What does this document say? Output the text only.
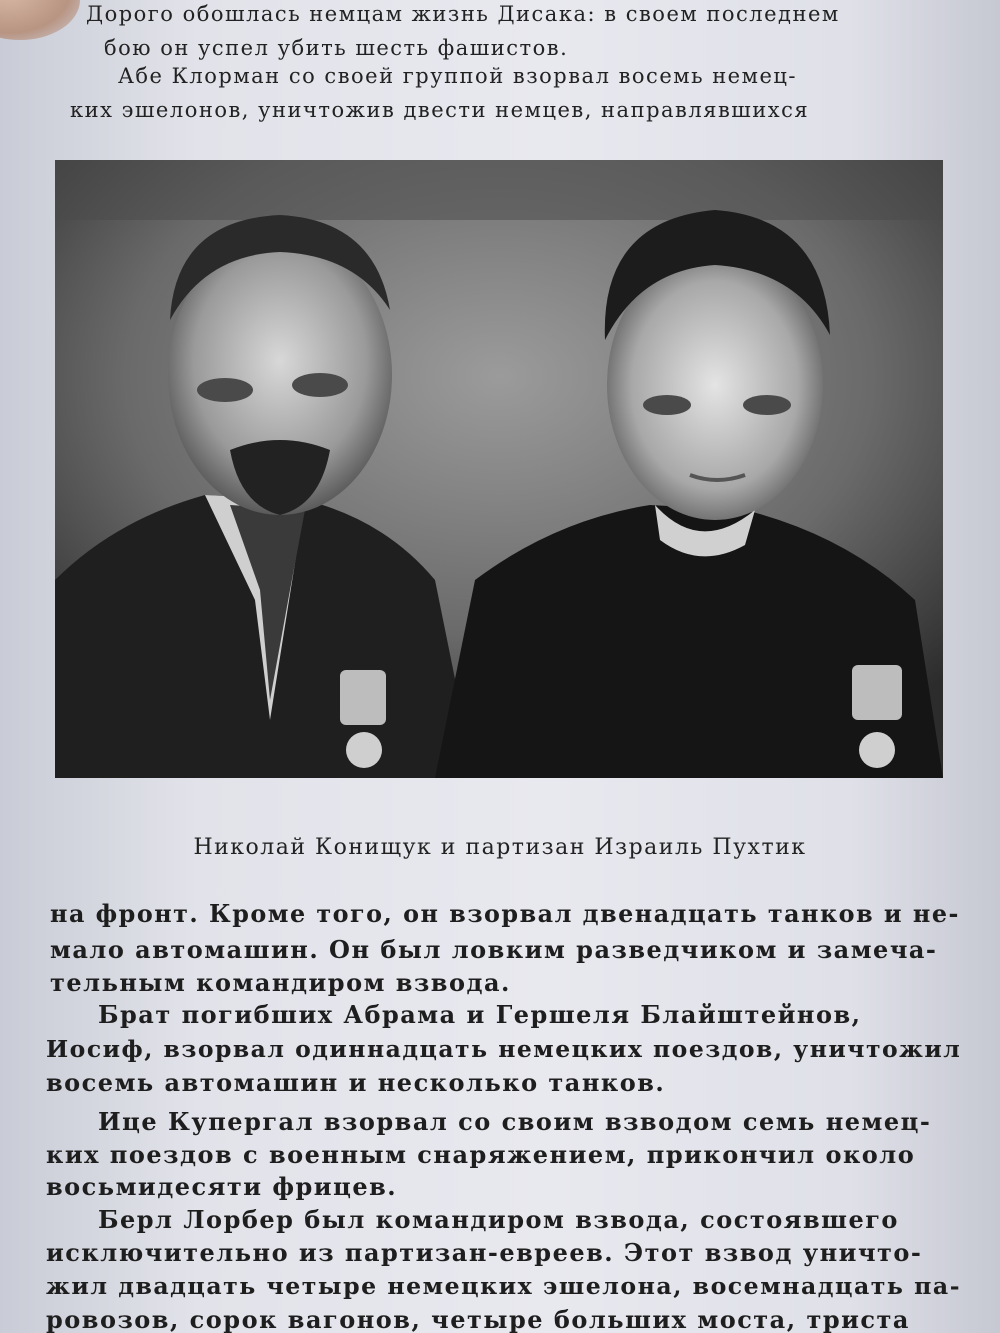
Дорого обошлась немцам жизнь Дисака: в своем последнем
бою он успел убить шесть фашистов.
Абе Клорман со своей группой взорвал восемь немец-
ких эшелонов, уничтожив двести немцев, направлявшихся
Николай Конищук и партизан Израиль Пухтик
на фронт. Кроме того, он взорвал двенадцать танков и не-
мало автомашин. Он был ловким разведчиком и замеча-
тельным командиром взвода.
Брат погибших Абрама и Гершеля Блайштейнов,
Иосиф, взорвал одиннадцать немецких поездов, уничтожил
восемь автомашин и несколько танков.
Ице Купергал взорвал со своим взводом семь немец-
ких поездов с военным снаряжением, прикончил около
восьмидесяти фрицев.
Берл Лорбер был командиром взвода, состоявшего
исключительно из партизан-евреев. Этот взвод уничто-
жил двадцать четыре немецких эшелона, восемнадцать па-
ровозов, сорок вагонов, четыре больших моста, триста
